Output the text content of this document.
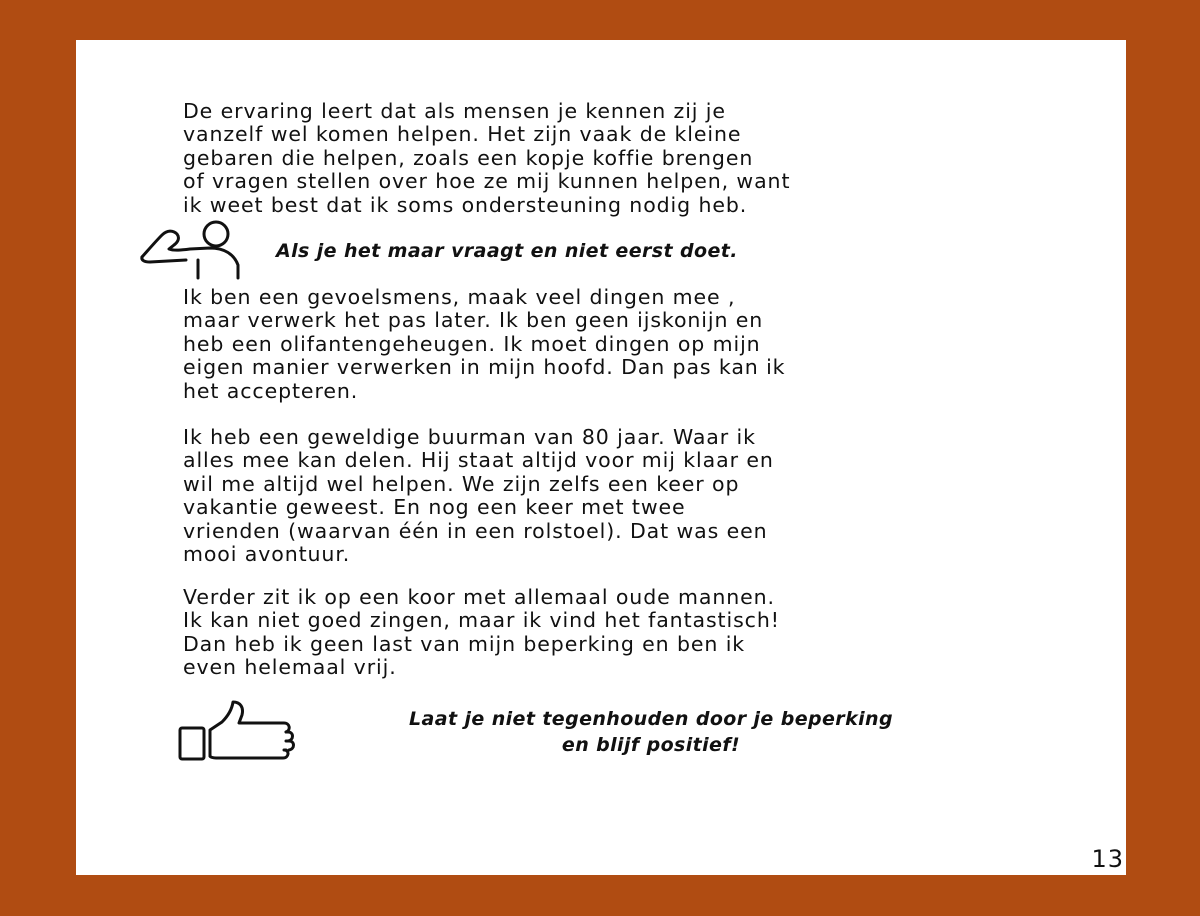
De ervaring leert dat als mensen je kennen zij je
vanzelf wel komen helpen. Het zijn vaak de kleine
gebaren die helpen, zoals een kopje koffie brengen
of vragen stellen over hoe ze mij kunnen helpen, want
ik weet best dat ik soms ondersteuning nodig heb.

Als je het maar vraagt en niet eerst doet.

Ik ben een gevoelsmens, maak veel dingen mee ,
maar verwerk het pas later. Ik ben geen ijskonijn en
heb een olifantengeheugen. Ik moet dingen op mijn
eigen manier verwerken in mijn hoofd. Dan pas kan ik
het accepteren.

Ik heb een geweldige buurman van 80 jaar. Waar ik
alles mee kan delen. Hij staat altijd voor mij klaar en
wil me altijd wel helpen. We zijn zelfs een keer op
vakantie geweest. En nog een keer met twee
vrienden (waarvan één in een rolstoel). Dat was een
mooi avontuur.

Verder zit ik op een koor met allemaal oude mannen.
Ik kan niet goed zingen, maar ik vind het fantastisch!
Dan heb ik geen last van mijn beperking en ben ik
even helemaal vrij.

Laat je niet tegenhouden door je beperking
en blijf positief!

13
